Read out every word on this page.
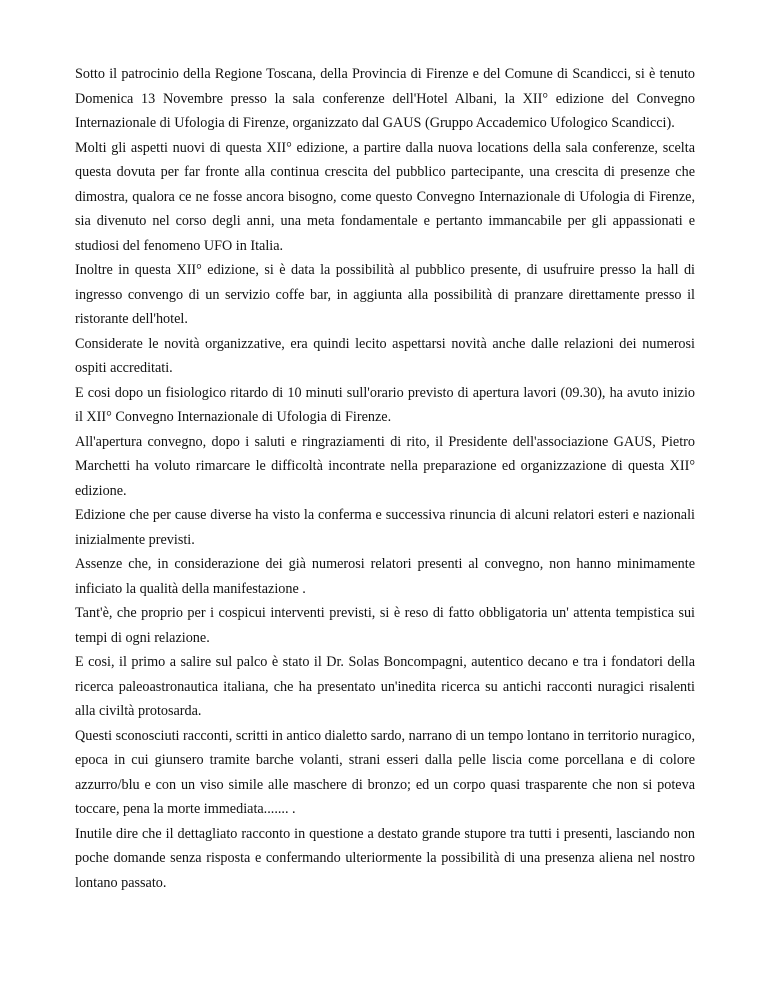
Sotto il patrocinio della Regione Toscana, della Provincia di Firenze e del Comune di Scandicci, si è tenuto Domenica 13 Novembre presso la sala conferenze dell'Hotel Albani, la XII° edizione del Convegno Internazionale di Ufologia di Firenze, organizzato dal GAUS (Gruppo Accademico Ufologico Scandicci).

Molti gli aspetti nuovi di questa XII° edizione, a partire dalla nuova locations della sala conferenze, scelta questa dovuta per far fronte alla continua crescita del pubblico partecipante, una crescita di presenze che dimostra, qualora ce ne fosse ancora bisogno, come questo Convegno Internazionale di Ufologia di Firenze, sia divenuto nel corso degli anni, una meta fondamentale e pertanto immancabile per gli appassionati e studiosi del fenomeno UFO in Italia.

Inoltre in questa XII° edizione, si è data la possibilità al pubblico presente, di usufruire presso la hall di ingresso convengo di un servizio coffe bar, in aggiunta alla possibilità di pranzare direttamente presso il ristorante dell'hotel.

Considerate le novità organizzative, era quindi lecito aspettarsi novità anche dalle relazioni dei numerosi ospiti accreditati.

E cosi dopo un fisiologico ritardo di 10 minuti sull'orario previsto di apertura lavori (09.30), ha avuto inizio il XII° Convegno Internazionale di Ufologia di Firenze.

All'apertura convegno, dopo i saluti e ringraziamenti di rito, il Presidente dell'associazione GAUS, Pietro Marchetti ha voluto rimarcare le difficoltà incontrate nella preparazione ed organizzazione di questa XII° edizione.

Edizione che per cause diverse ha visto la conferma e successiva rinuncia di alcuni relatori esteri e nazionali inizialmente previsti.

Assenze che, in considerazione dei già numerosi relatori presenti al convegno, non hanno minimamente inficiato la qualità della manifestazione .

Tant'è, che proprio per i cospicui interventi previsti, si è reso di fatto obbligatoria un' attenta tempistica sui tempi di ogni relazione.

E cosi, il primo a salire sul palco è stato il Dr. Solas Boncompagni, autentico decano e tra i fondatori della ricerca paleoastronautica italiana, che ha presentato un'inedita ricerca su antichi racconti nuragici risalenti alla civiltà protosarda.

Questi sconosciuti racconti, scritti in antico dialetto sardo, narrano di un tempo lontano in territorio nuragico, epoca in cui giunsero tramite barche volanti, strani esseri dalla pelle liscia come porcellana e di colore azzurro/blu e con un viso simile alle maschere di bronzo; ed un corpo quasi trasparente che non si poteva toccare, pena la morte immediata....... .

Inutile dire che il dettagliato racconto in questione a destato grande stupore tra tutti i presenti, lasciando non poche domande senza risposta e confermando ulteriormente la possibilità di una presenza aliena nel nostro lontano passato.
